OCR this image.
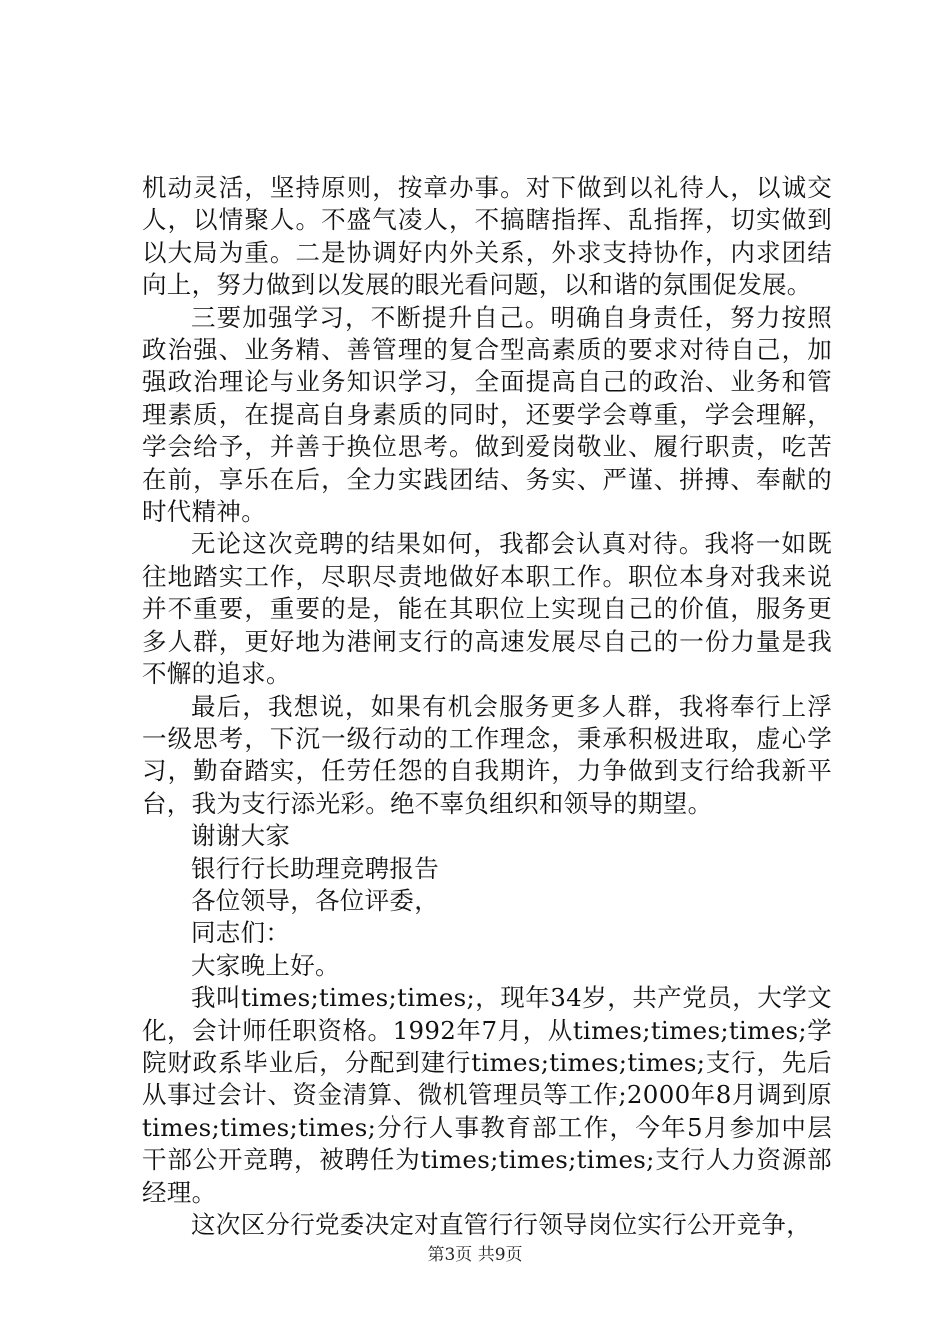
机动灵活，坚持原则，按章办事。对下做到以礼待人，以诚交人，以情聚人。不盛气凌人，不搞瞎指挥、乱指挥，切实做到以大局为重。二是协调好内外关系，外求支持协作，内求团结向上，努力做到以发展的眼光看问题，以和谐的氛围促发展。

三要加强学习，不断提升自己。明确自身责任，努力按照政治强、业务精、善管理的复合型高素质的要求对待自己，加强政治理论与业务知识学习，全面提高自己的政治、业务和管理素质，在提高自身素质的同时，还要学会尊重，学会理解，学会给予，并善于换位思考。做到爱岗敬业、履行职责，吃苦在前，享乐在后，全力实践团结、务实、严谨、拼搏、奉献的时代精神。

无论这次竞聘的结果如何，我都会认真对待。我将一如既往地踏实工作，尽职尽责地做好本职工作。职位本身对我来说并不重要，重要的是，能在其职位上实现自己的价值，服务更多人群，更好地为港闸支行的高速发展尽自己的一份力量是我不懈的追求。

最后，我想说，如果有机会服务更多人群，我将奉行上浮一级思考，下沉一级行动的工作理念，秉承积极进取，虚心学习，勤奋踏实，任劳任怨的自我期许，力争做到支行给我新平台，我为支行添光彩。绝不辜负组织和领导的期望。

谢谢大家

银行行长助理竞聘报告

各位领导，各位评委，

同志们：

大家晚上好。

我叫times;times;times;，现年34岁，共产党员，大学文化，会计师任职资格。1992年7月，从times;times;times;学院财政系毕业后，分配到建行times;times;times;支行，先后从事过会计、资金清算、微机管理员等工作;2000年8月调到原times;times;times;分行人事教育部工作，今年5月参加中层干部公开竞聘，被聘任为times;times;times;支行人力资源部经理。

这次区分行党委决定对直管行行领导岗位实行公开竞争，

第3页 共9页
